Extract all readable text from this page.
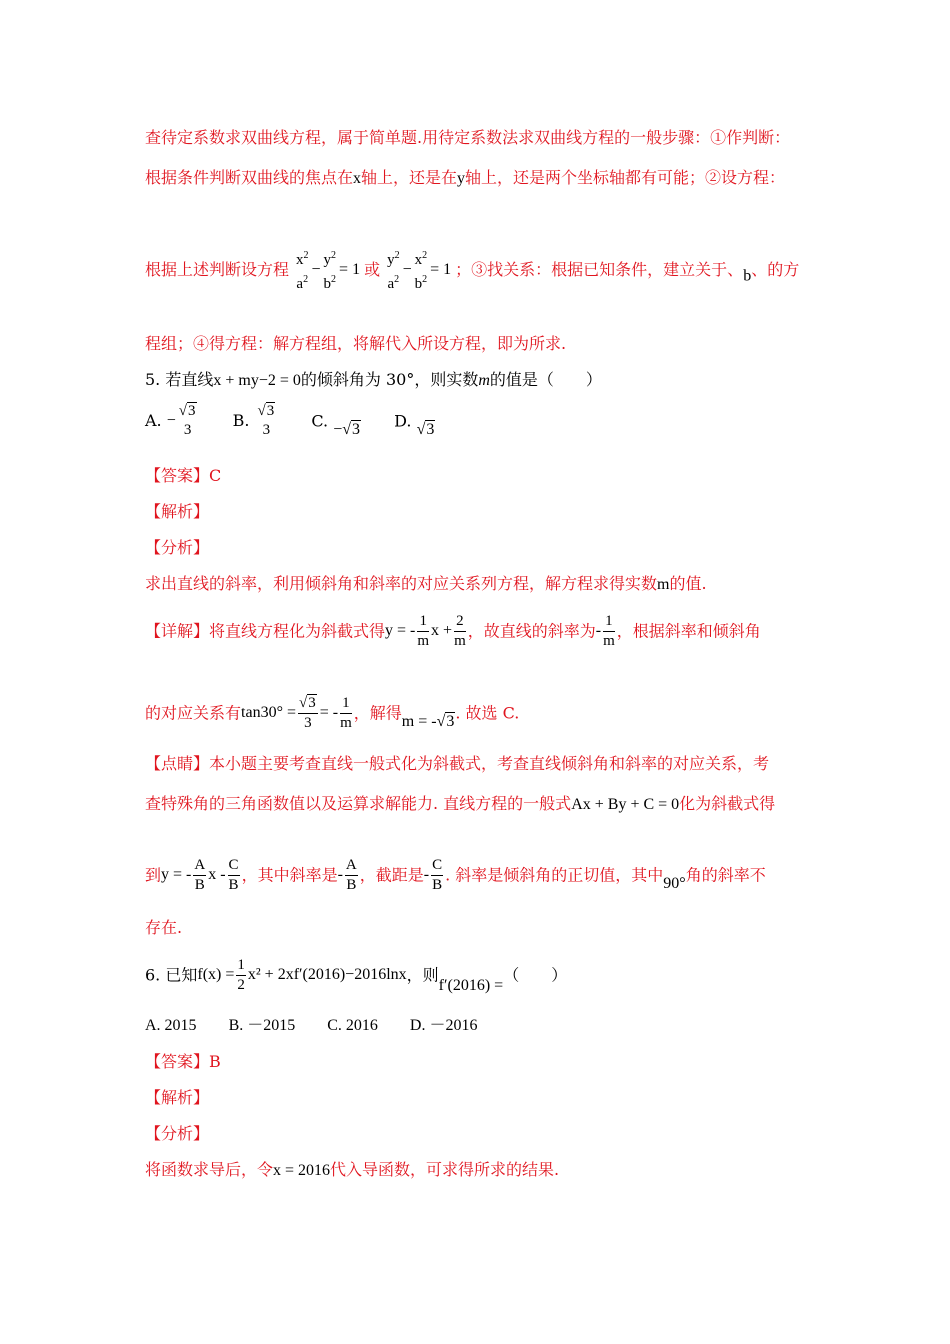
查待定系数求双曲线方程，属于简单题.用待定系数法求双曲线方程的一般步骤：①作判断：
根据条件判断双曲线的焦点在x轴上，还是在y轴上，还是两个坐标轴都有可能；②设方程：
根据上述判断设方程 $x^2$
$a^2$
−
$y^2$
$b^2$
= 1 或 $y^2$
$a^2$
−
$x^2$
$b^2$
= 1 ；③找关系：根据已知条件，建立关于、b、的方
程组；④得方程：解方程组，将解代入所设方程，即为所求.
5. 若直线x + my−2 = 0的倾斜角为 30°，则实数m的值是（　　）
A. −
√3
3	B. √3
3	C. −√3 D. √3
【答案】C
【解析】
【分析】
求出直线的斜率，利用倾斜角和斜率的对应关系列方程，解方程求得实数m的值.
【详解】将直线方程化为斜截式得y = - $\frac{1}{m}$ $x + \frac{2}{m}$ ，故直线的斜率为- $\frac{1}{m}$ ，根据斜率和倾斜角
的对应关系有$\tan 30^\circ = \frac{√3}{3}$ = - $\frac{1}{m}$ ，解得m = -√3. 故选 C.
【点睛】本小题主要考查直线一般式化为斜截式，考查直线倾斜角和斜率的对应关系，考
查特殊角的三角函数值以及运算求解能力. 直线方程的一般式Ax + By + C = 0化为斜截式得
到y = - $\frac{A}{B}$ x - $\frac{C}{B}$ ，其中斜率是- $\frac{A}{B}$ ，截距是- $\frac{C}{B}$ . 斜率是倾斜角的正切值，其中90°角的斜率不
存在.
6. 已知$f(x) = \frac{1}{2} x^2 + 2xf'(2016)-2016\ln x$，则f′(2016) =（　　）
A. 2015 B. －2015 C. 2016 D. －2016
【答案】B
【解析】
【分析】
将函数求导后，令x = 2016代入导函数，可求得所求的结果.
